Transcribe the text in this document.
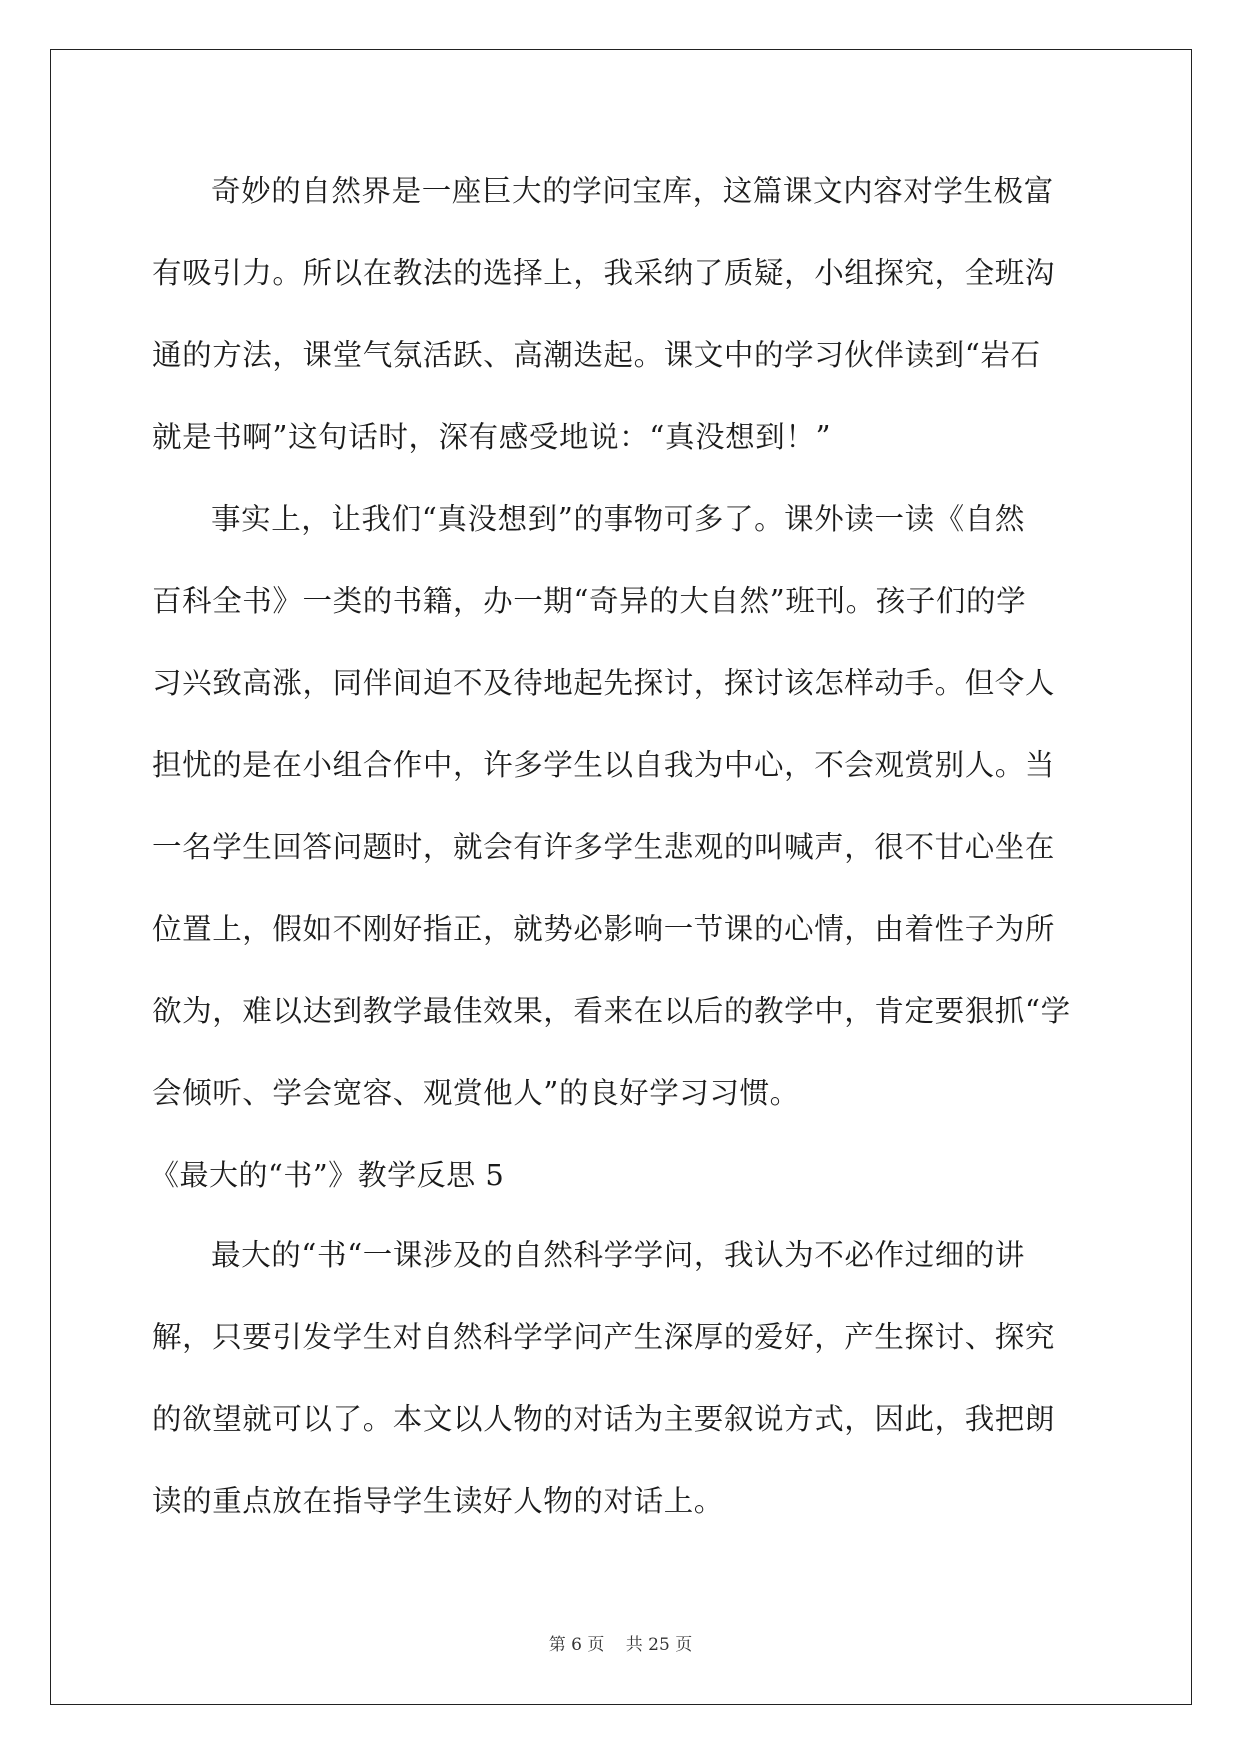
奇妙的自然界是一座巨大的学问宝库，这篇课文内容对学生极富
有吸引力。所以在教法的选择上，我采纳了质疑，小组探究，全班沟
通的方法，课堂气氛活跃、高潮迭起。课文中的学习伙伴读到“岩石
就是书啊”这句话时，深有感受地说：“真没想到！”
事实上，让我们“真没想到”的事物可多了。课外读一读《自然
百科全书》一类的书籍，办一期“奇异的大自然”班刊。孩子们的学
习兴致高涨，同伴间迫不及待地起先探讨，探讨该怎样动手。但令人
担忧的是在小组合作中，许多学生以自我为中心，不会观赏别人。当
一名学生回答问题时，就会有许多学生悲观的叫喊声，很不甘心坐在
位置上，假如不刚好指正，就势必影响一节课的心情，由着性子为所
欲为，难以达到教学最佳效果，看来在以后的教学中，肯定要狠抓“学
会倾听、学会宽容、观赏他人”的良好学习习惯。
《最大的“书”》教学反思 5
最大的“书“一课涉及的自然科学学问，我认为不必作过细的讲
解，只要引发学生对自然科学学问产生深厚的爱好，产生探讨、探究
的欲望就可以了。本文以人物的对话为主要叙说方式，因此，我把朗
读的重点放在指导学生读好人物的对话上。
第 6 页 共 25 页
